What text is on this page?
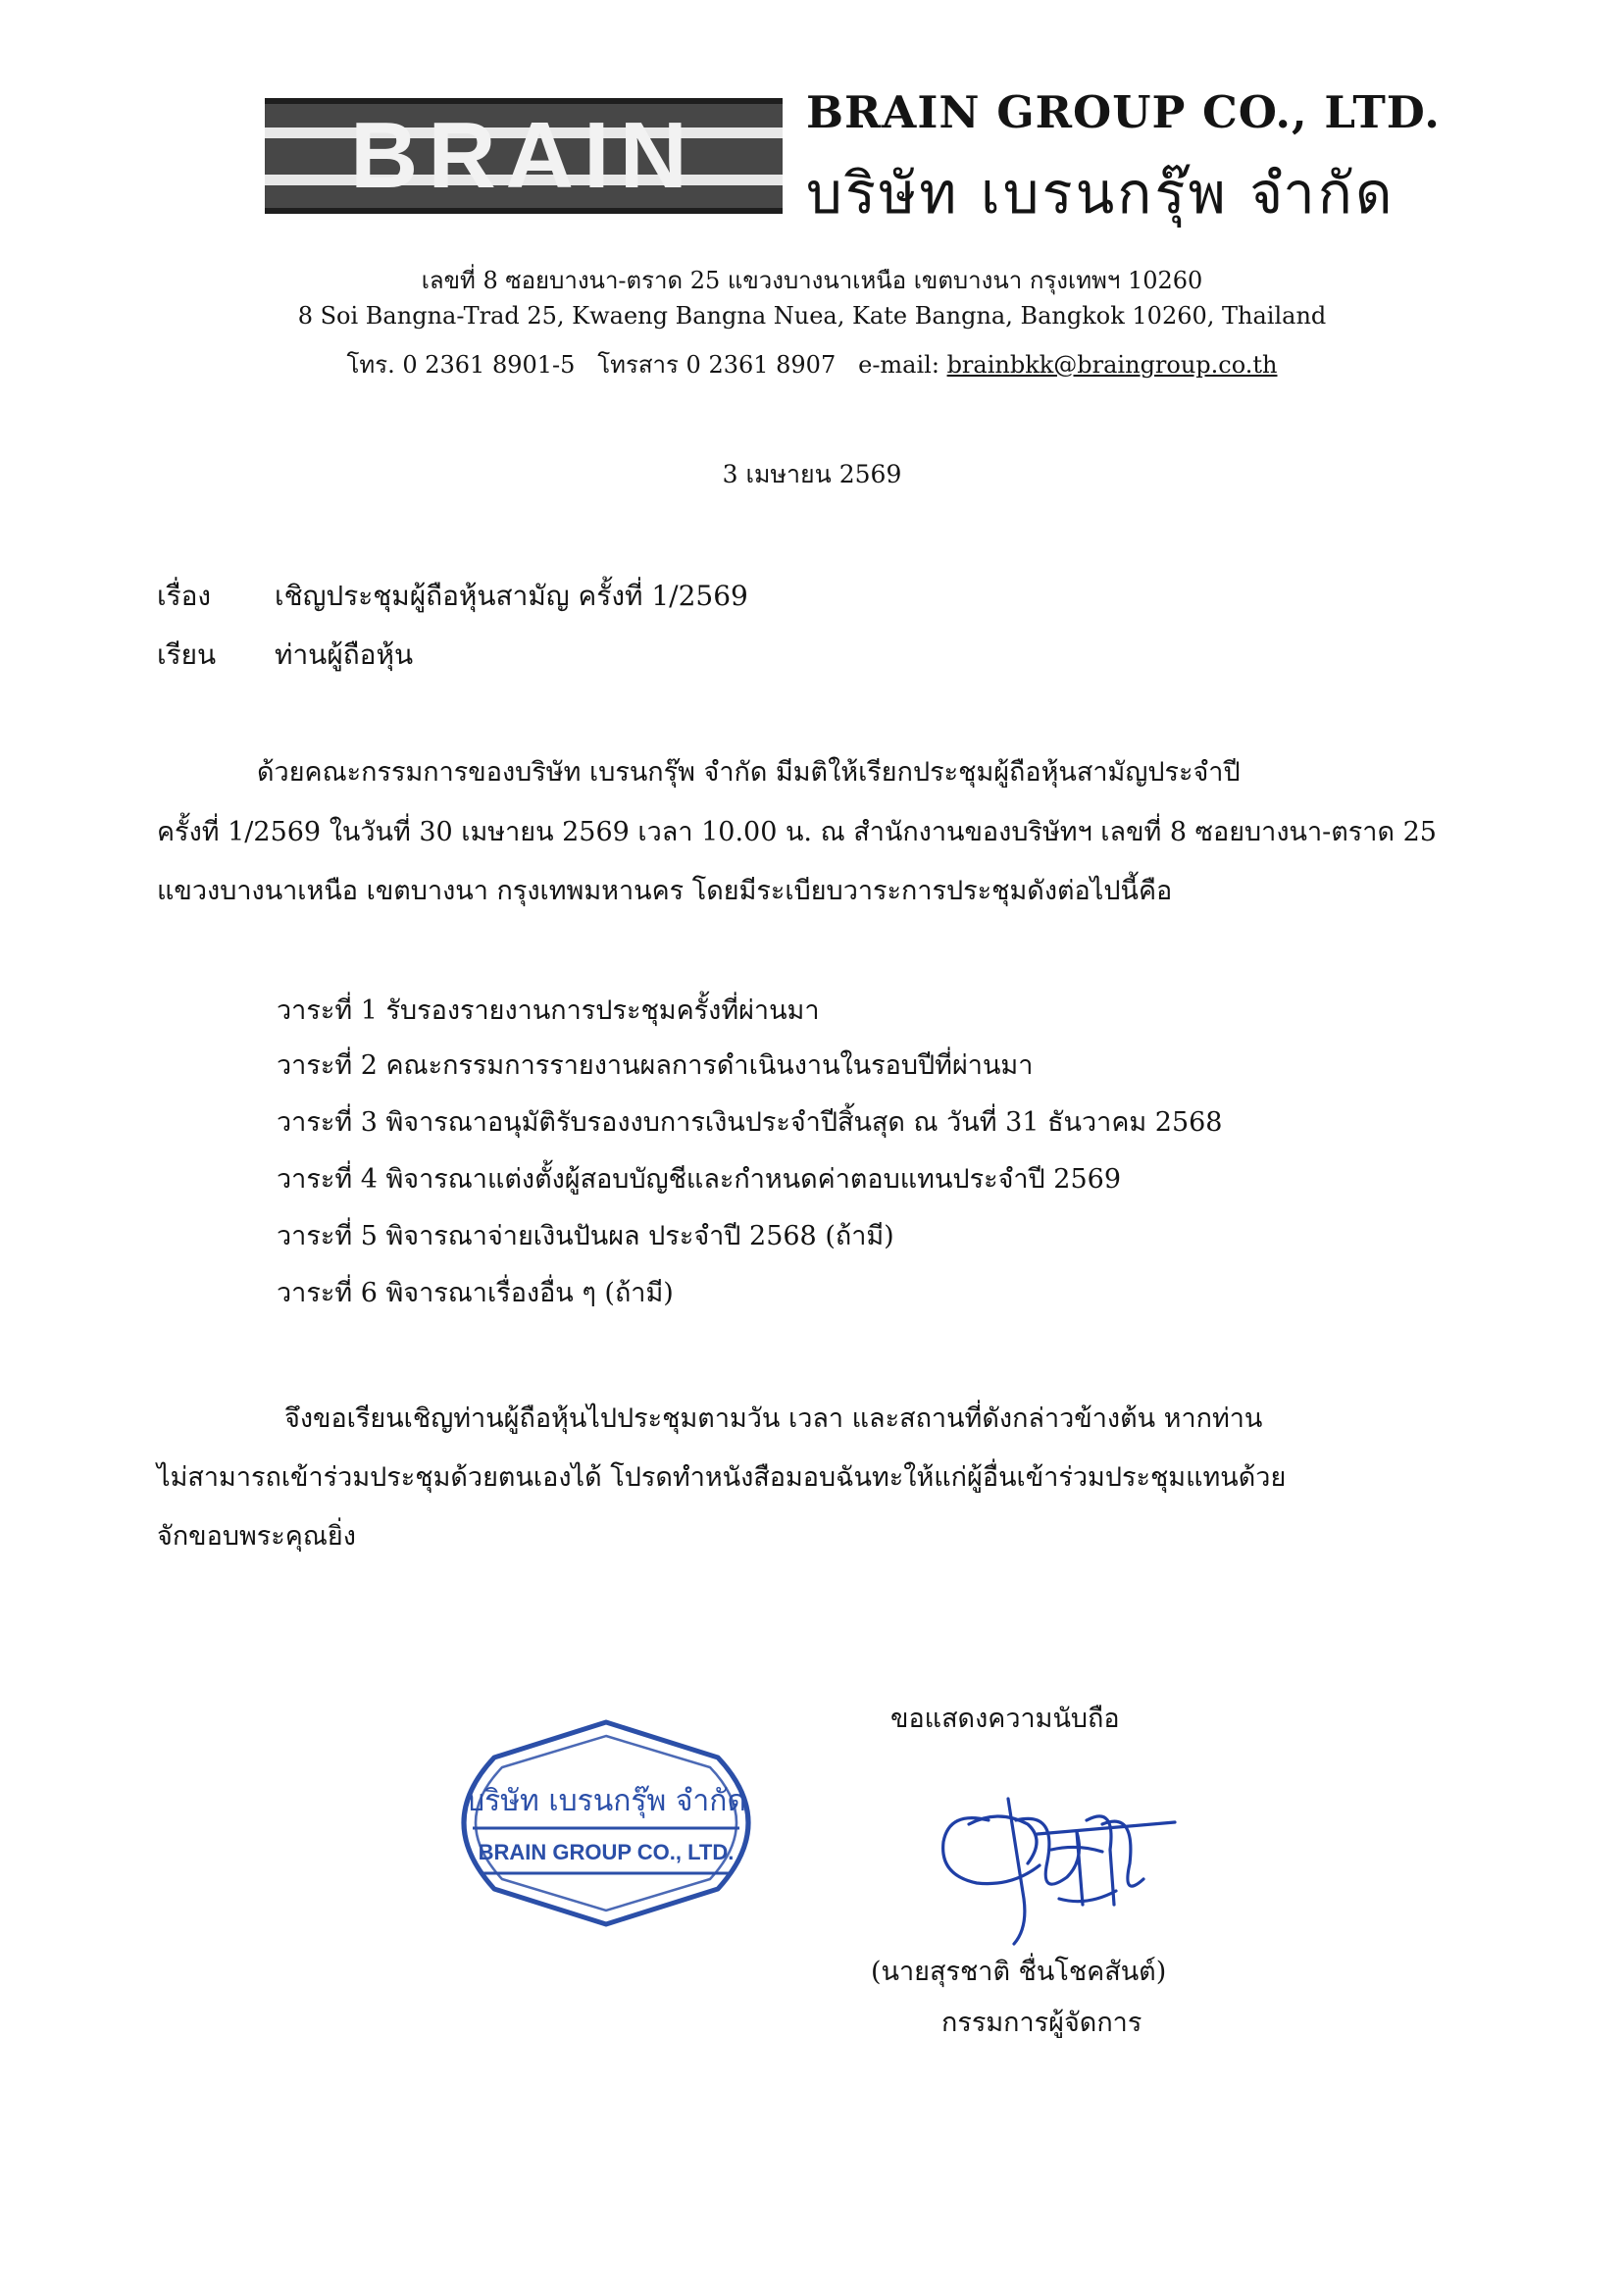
BRAIN	BRAIN GROUP CO., LTD.
บริษัท เบรนกรุ๊พ จำกัด
เลขที่ 8 ซอยบางนา-ตราด 25 แขวงบางนาเหนือ เขตบางนา กรุงเทพฯ 10260
8 Soi Bangna-Trad 25, Kwaeng Bangna Nuea, Kate Bangna, Bangkok 10260, Thailand
โทร. 0 2361 8901-5   โทรสาร 0 2361 8907   e-mail: brainbkk@braingroup.co.th
3 เมษายน 2569
เรื่อง เชิญประชุมผู้ถือหุ้นสามัญ ครั้งที่ 1/2569
เรียน ท่านผู้ถือหุ้น
ด้วยคณะกรรมการของบริษัท เบรนกรุ๊พ จำกัด มีมติให้เรียกประชุมผู้ถือหุ้นสามัญประจำปี
ครั้งที่ 1/2569 ในวันที่ 30 เมษายน 2569 เวลา 10.00 น. ณ สำนักงานของบริษัทฯ เลขที่ 8 ซอยบางนา-ตราด 25
แขวงบางนาเหนือ เขตบางนา กรุงเทพมหานคร โดยมีระเบียบวาระการประชุมดังต่อไปนี้คือ
วาระที่ 1 รับรองรายงานการประชุมครั้งที่ผ่านมา
วาระที่ 2 คณะกรรมการรายงานผลการดำเนินงานในรอบปีที่ผ่านมา
วาระที่ 3 พิจารณาอนุมัติรับรองงบการเงินประจำปีสิ้นสุด ณ วันที่ 31 ธันวาคม 2568
วาระที่ 4 พิจารณาแต่งตั้งผู้สอบบัญชีและกำหนดค่าตอบแทนประจำปี 2569
วาระที่ 5 พิจารณาจ่ายเงินปันผล ประจำปี 2568 (ถ้ามี)
วาระที่ 6 พิจารณาเรื่องอื่น ๆ (ถ้ามี)
จึงขอเรียนเชิญท่านผู้ถือหุ้นไปประชุมตามวัน เวลา และสถานที่ดังกล่าวข้างต้น หากท่าน
ไม่สามารถเข้าร่วมประชุมด้วยตนเองได้ โปรดทำหนังสือมอบฉันทะให้แก่ผู้อื่นเข้าร่วมประชุมแทนด้วย
จักขอบพระคุณยิ่ง
ขอแสดงความนับถือ
บริษัท เบรนกรุ๊พ จำกัด
BRAIN GROUP CO., LTD.
(นายสุรชาติ ชื่นโชคสันต์)
กรรมการผู้จัดการ
